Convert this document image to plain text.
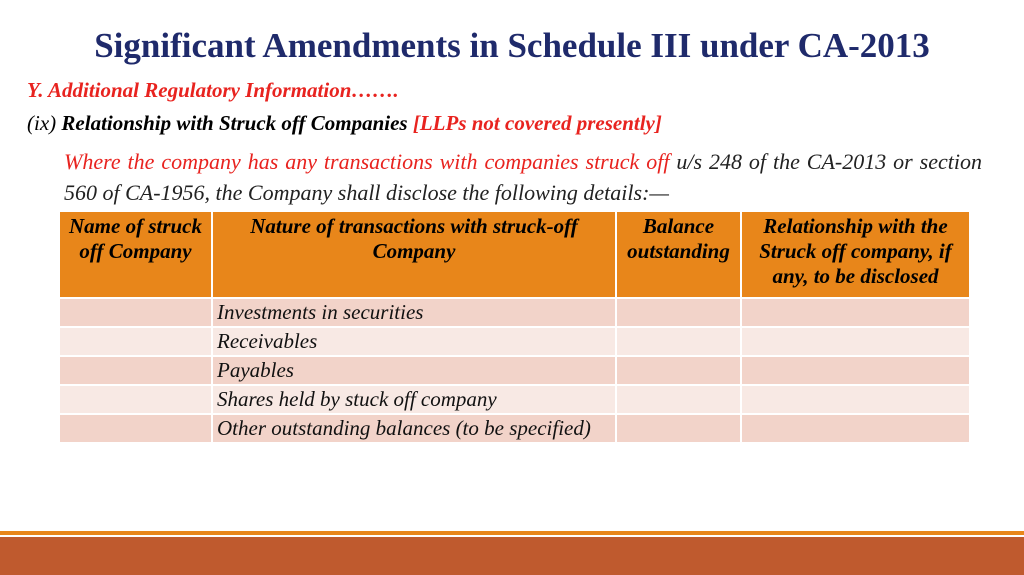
Significant Amendments in Schedule III under CA-2013
Y. Additional Regulatory Information…….
(ix) Relationship with Struck off Companies [LLPs not covered presently]
Where the company has any transactions with companies struck off u/s 248 of the CA-2013 or section 560 of CA-1956, the Company shall disclose the following details:—
Name of struck off Company	Nature of transactions with struck-off Company	Balance outstanding	Relationship with the Struck off company, if any, to be disclosed
	Investments in securities		
	Receivables		
	Payables		
	Shares held by stuck off company		
	Other outstanding balances (to be specified)		
